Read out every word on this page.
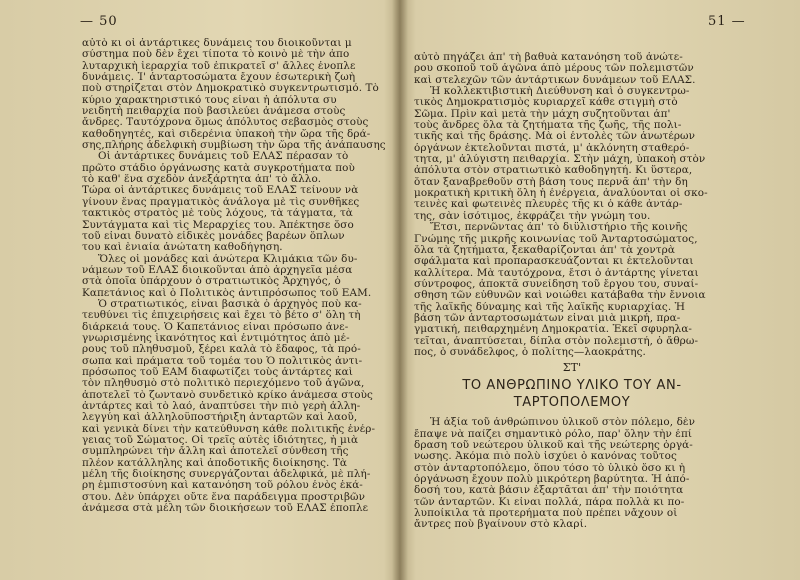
— 50
αὐτὸ κι οἱ ἀντάρτικες δυνάμεις του διοικοῦνται μ
σύστημα ποὺ δὲν ἔχει τίποτα τὸ κοινὸ μὲ τὴν ἀπο
λυταρχικὴ ἱεραρχία τοῦ ἐπικρατεῖ σ' ἄλλες ἐνοπλε
δυνάμεις. Ἰ' ἀνταρτοσώματα ἔχουν ἐσωτερικὴ ζωὴ
ποὺ στηρίζεται στὸν Δημοκρατικὸ συγκεντρωτισμό. Τὸ
κύριο χαρακτηριστικό τους εἶναι ἡ ἀπόλυτα συ
νειδητὴ πειθαρχία ποὺ βασιλεύει ἀνάμεσα στοὺς
ἄνδρες. Ταυτόχρονα ὅμως ἀπόλυτος σεβασμὸς στοὺς
καθοδηγητές, καὶ σιδερένια ὑπακοὴ τὴν ὥρα τῆς δρά-
σης,πλήρης ἀδελφικὴ συμβίωση τὴν ὥρα τῆς ἀνάπαυσης
Οἱ ἀντάρτικες δυνάμεις τοῦ ΕΛΑΣ πέρασαν τὸ
πρῶτο στάδιο ὀργάνωσης κατὰ συγκροτήματα ποὺ
τὸ καθ' ἕνα σχεδὸν ἀνεξάρτητα ἀπ' τὸ ἄλλο.
Τώρα οἱ ἀντάρτικες δυνάμεις τοῦ ΕΛΑΣ τείνουν νὰ
γίνουν ἕνας πραγματικὸς ἀνάλογα μὲ τὶς συνθῆκες
τακτικὸς στρατὸς μὲ τοὺς λόχους, τὰ τάγματα, τὰ
Συντάγματα καὶ τὶς Μεραρχίες του. Ἀπέκτησε ὅσο
τοῦ εἶναι δυνατὸ εἰδικὲς μονάδες βαρέων ὅπλων
του καὶ ἑνιαία ἀνώτατη καθοδήγηση.
Ὅλες οἱ μονάδες καὶ ἀνώτερα Κλιμάκια τῶν δυ-
νάμεων τοῦ ΕΛΑΣ διοικοῦνται ἀπὸ ἀρχηγεῖα μέσα
στὰ ὁποῖα ὑπάρχουν ὁ στρατιωτικὸς Ἀρχηγός, ὁ
Καπετάνιος καὶ ὁ Πολιτικὸς ἀντιπρόσωπος τοῦ ΕΑΜ.
Ὁ στρατιωτικός, εἶναι βασικὰ ὁ ἀρχηγὸς ποὺ κα-
τευθύνει τὶς ἐπιχειρήσεις καὶ ἔχει τὸ βέτο σ' ὅλη τὴ
διάρκειά τους. Ὁ Καπετάνιος εἶναι πρόσωπο ἀνε-
γνωρισμένης ἱκανότητος καὶ ἐντιμότητος ἀπὸ μέ-
ρους τοῦ πληθυσμοῦ, ξέρει καλὰ τὸ ἔδαφος, τὰ πρό-
σωπα καὶ πράματα τοῦ τομέα του Ὁ πολιτικὸς ἀντι-
πρόσωπος τοῦ ΕΑΜ διαφωτίζει τοὺς ἀντάρτες καὶ
τὸν πληθυσμὸ στὸ πολιτικὸ περιεχόμενο τοῦ ἀγῶνα,
ἀποτελεῖ τὸ ζωντανὸ συνδετικὸ κρίκο ἀνάμεσα στοὺς
ἀντάρτες καὶ τὸ λαό, ἀναπτύσει τὴν πιὸ γερὴ ἀλλη-
λεγγύη καὶ ἀλληλοϋποστήριξη ἀνταρτῶν καὶ λαοῦ,
καὶ γενικὰ δίνει τὴν κατεύθυνση κάθε πολιτικῆς ἐνέρ-
γειας τοῦ Σώματος. Οἱ τρεῖς αὐτὲς ἰδιότητες, ἡ μιὰ
συμπληρώνει τὴν ἄλλη καὶ ἀποτελεῖ σύνθεση τῆς
πλέον κατάλληλης καὶ ἀποδοτικῆς διοίκησης. Τὰ
μέλη τῆς διοίκησης συνεργάζονται ἀδελφικά, μὲ πλή-
ρη ἐμπιστοσύνη καὶ κατανόηση τοῦ ρόλου ἐνὸς ἑκά-
στου. Δὲν ὑπάρχει οὔτε ἕνα παράδειγμα προστριβῶν
ἀνάμεσα στὰ μέλη τῶν διοικήσεων τοῦ ΕΛΑΣ ἐποπλε
51 —
αὐτὸ πηγάζει ἀπ' τὴ βαθυὰ κατανόηση τοῦ ἀνώτε-
ρου σκοποῦ τοῦ ἀγῶνα ἀπὸ μέρους τῶν πολεμιστῶν
καὶ στελεχῶν τῶν ἀντάρτικων δυνάμεων τοῦ ΕΛΑΣ.
Ἡ κολλεκτιβιστικὴ Διεύθυνση καὶ ὁ συγκεντρω-
τικὸς Δημοκρατισμὸς κυριαρχεῖ κάθε στιγμὴ στὸ
Σῶμα. Πρὶν καὶ μετὰ τὴν μάχη συζητοῦνται ἀπ'
τοὺς ἄνδρες ὅλα τὰ ζητήματα τῆς ζωῆς, τῆς πολι-
τικῆς καὶ τῆς δράσης. Μὰ οἱ ἐντολὲς τῶν ἀνωτέρων
ὀργάνων ἐκτελοῦνται πιστά, μ' ἀκλόνητη σταθερό-
τητα, μ' ἀλύγιστη πειθαρχία. Στὴν μάχη, ὑπακοὴ στὸν
ἀπόλυτα στὸν στρατιωτικὸ καθοδηγητή. Κι ὕστερα,
ὅταν ξαναβρεθοῦν στὴ βάση τους περνᾶ ἀπ' τὴν δη
μοκρατικὴ κριτικὴ ὅλη ἡ ἐνέργεια, ἀναλύονται οἱ σκο-
τεινὲς καὶ φωτεινὲς πλευρὲς τῆς κι ὁ κάθε ἀντάρ-
της, σὰν ἰσότιμος, ἐκφράζει τὴν γνώμη του.
Ἔτσι, περνῶντας ἀπ' τὸ διϋλιστήριο τῆς κοινῆς
Γνώμης τῆς μικρῆς κοινωνίας τοῦ Ἀνταρτοσώματος,
ὅλα τὰ ζητήματα, ξεκαθαρίζονται ἀπ' τὰ χοντρὰ
σφάλματα καὶ προπαρασκευάζονται κι ἐκτελοῦνται
καλλίτερα. Μὰ ταυτόχρονα, ἔτσι ὁ ἀντάρτης γίνεται
σύντροφος, ἀποκτᾶ συνείδηση τοῦ ἔργου του, συναί-
σθηση τῶν εὐθυνῶν καὶ νοιώθει κατάβαθα τὴν ἔννοια
τῆς λαϊκῆς δύναμης καὶ τῆς λαϊκῆς κυριαρχίας. Ἡ
βάση τῶν ἀνταρτοσωμάτων εἶναι μιὰ μικρή, πρα-
γματική, πειθαρχημένη Δημοκρατία. Ἐκεῖ σφυρηλα-
τεῖται, ἀναπτύσεται, δίπλα στὸν πολεμιστή, ὁ ἄθρω-
πος, ὁ συνάδελφος, ὁ πολίτης—λαοκράτης.
ΣΤ'
ΤΟ ΑΝΘΡΩΠΙΝΟ ΥΛΙΚΟ ΤΟΥ ΑΝ-
ΤΑΡΤΟΠΟΛΕΜΟΥ
Ἡ ἀξία τοῦ ἀνθρώπινου ὑλικοῦ στὸν πόλεμο, δὲν
ἔπαψε νὰ παίζει σημαντικὸ ρόλο, παρ' ὅλην τὴν ἐπί
δραση τοῦ νεώτερου ὑλικοῦ καὶ τῆς νεώτερης ὀργά-
νωσης. Ἀκόμα πιὸ πολὺ ἰσχύει ὁ κανόνας τοῦτος
στὸν ἀνταρτοπόλεμο, ὅπου τόσο τὸ ὑλικὸ ὅσο κι ἡ
ὀργάνωση ἔχουν πολὺ μικρότερη βαρύτητα. Ἡ ἀπό-
δοσή του, κατὰ βάσιν ἐξαρτᾶται ἀπ' τὴν ποιότητα
τῶν ἀνταρτῶν. Κι εἶναι πολλά, πάρα πολλὰ κι πο-
λυποίκιλα τὰ προτερήματα ποὺ πρέπει νἄχουν οἱ
ἄντρες ποὺ βγαίνουν στὸ κλαρί.
